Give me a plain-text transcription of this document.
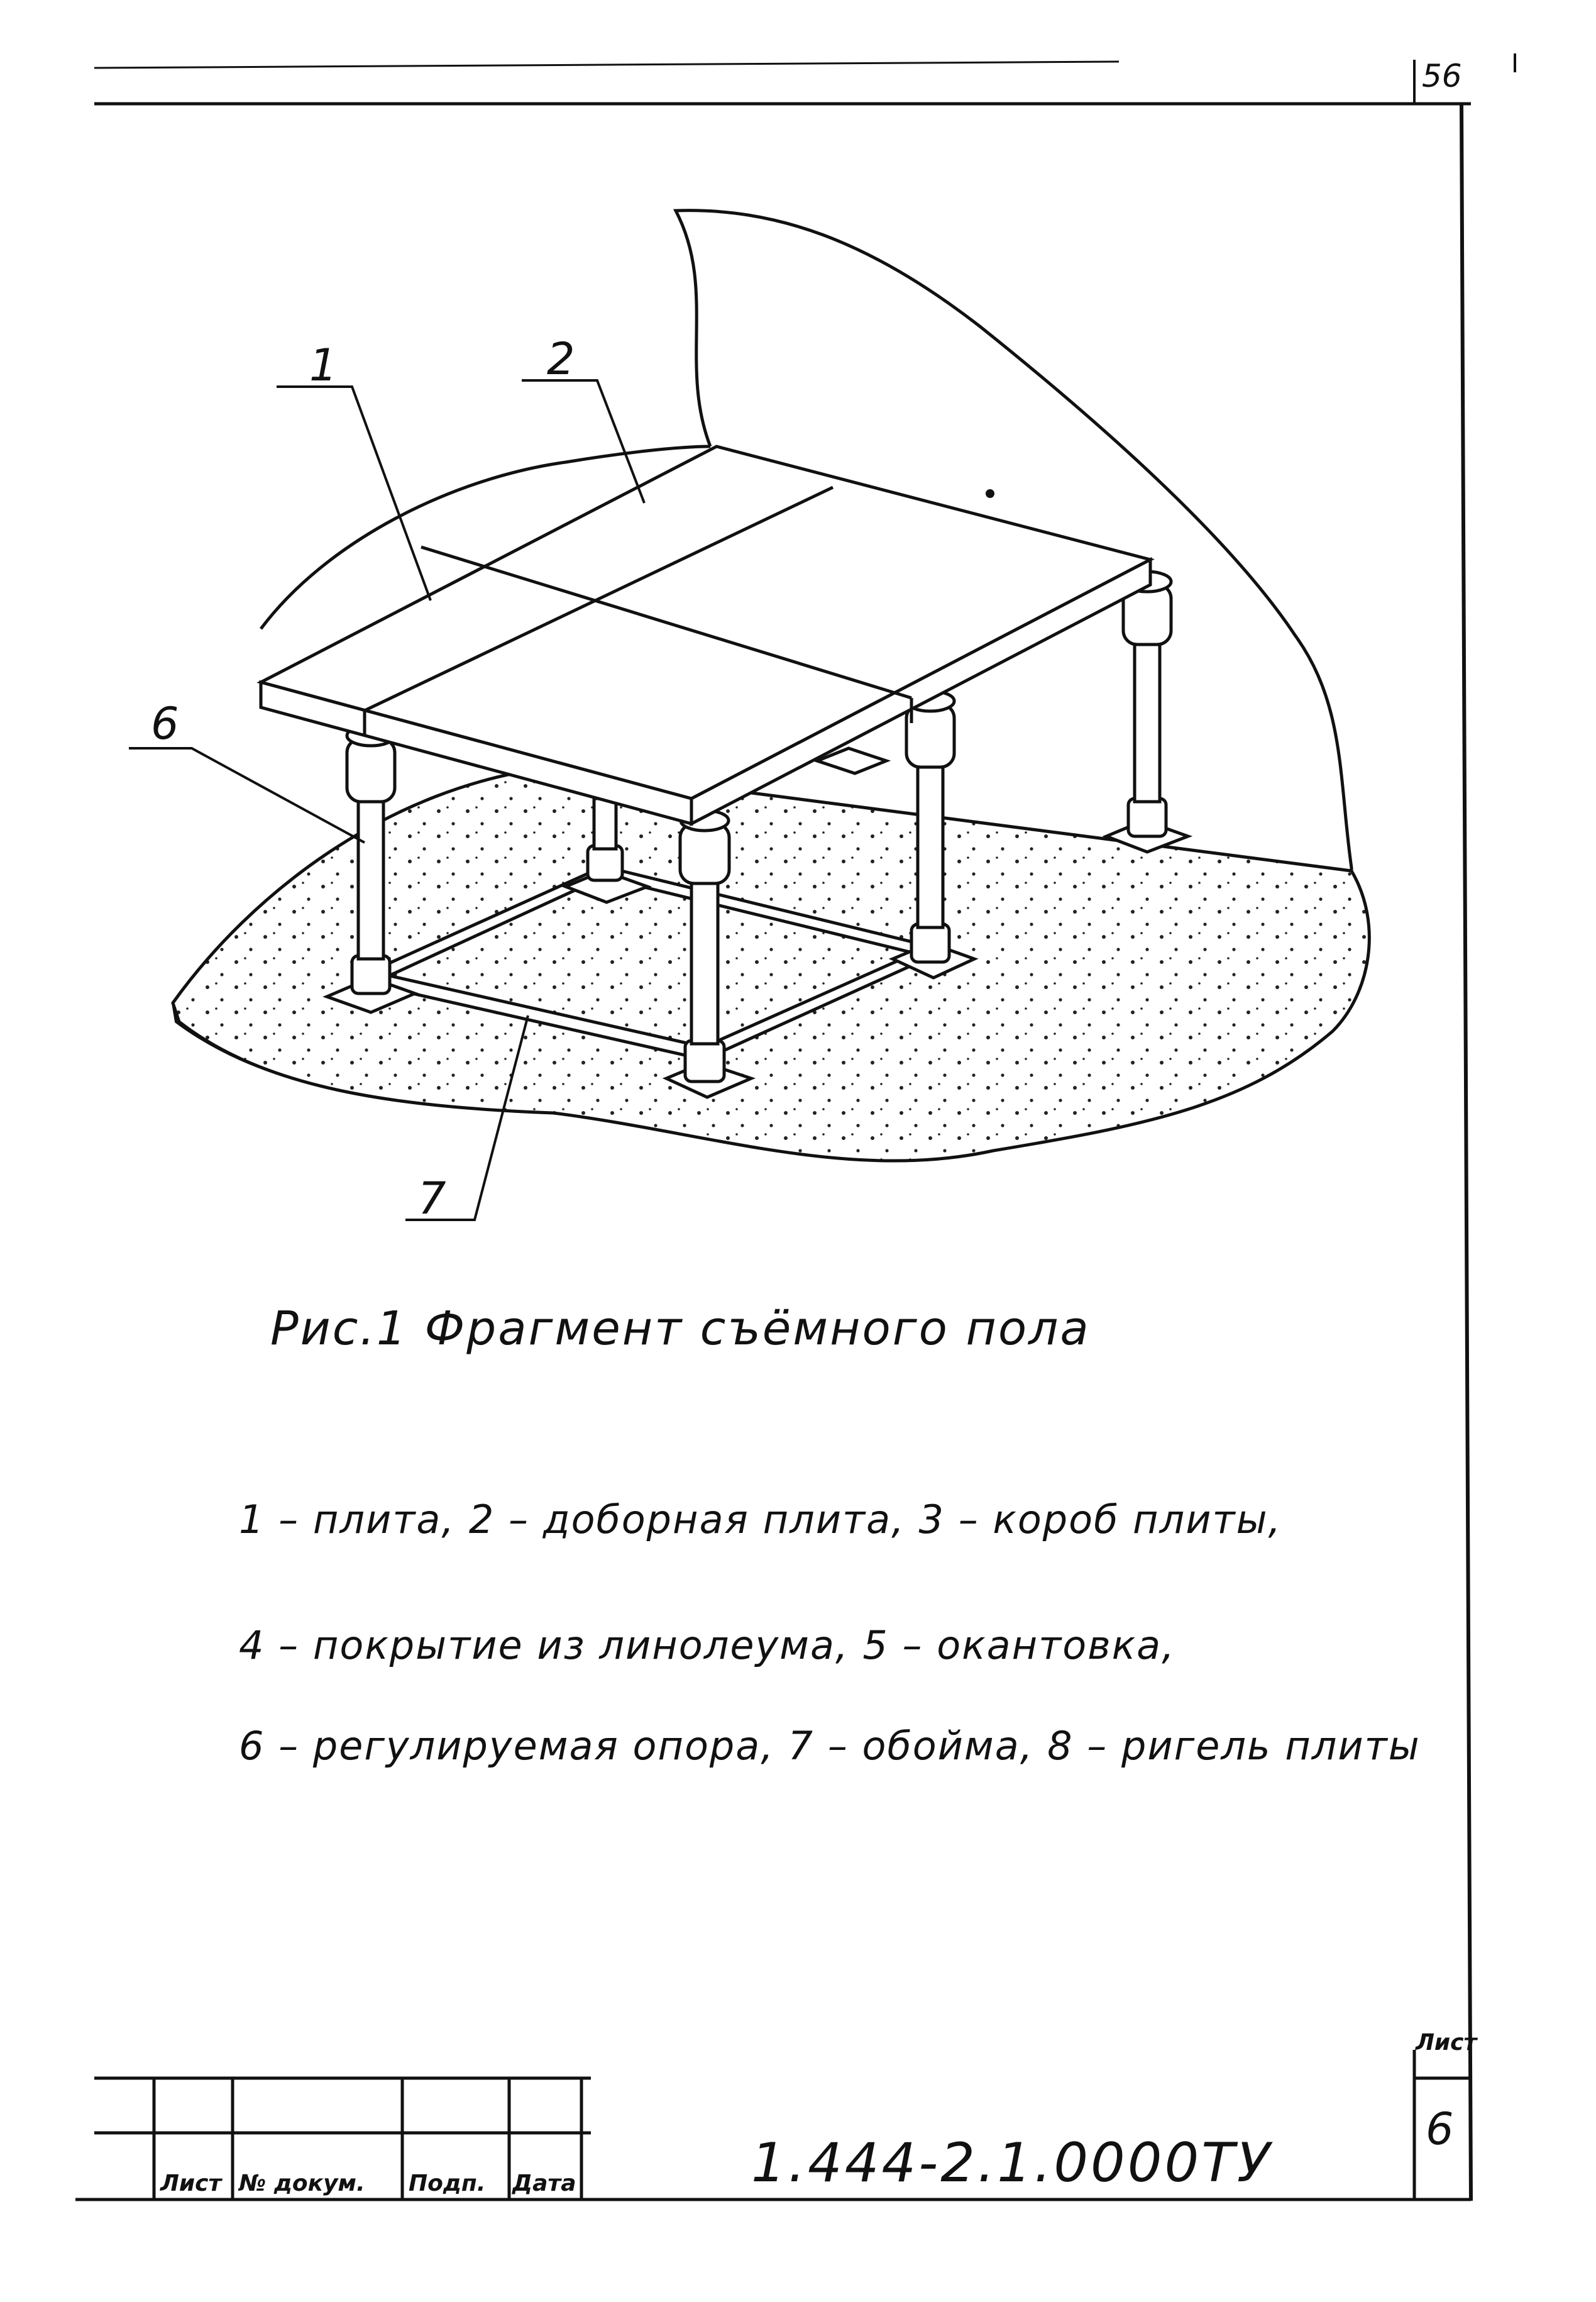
1	2
6
7
56
Рис.1 Фрагмент съёмного пола
1 – плита, 2 – доборная плита, 3 – короб плиты,
4 – покрытие из линолеума, 5 – окантовка,
6 – регулируемая опора, 7 – обойма, 8 – ригель плиты
1.444-2.1.0000ТУ
Лист
6
Лист № докум. Подп. Дата
